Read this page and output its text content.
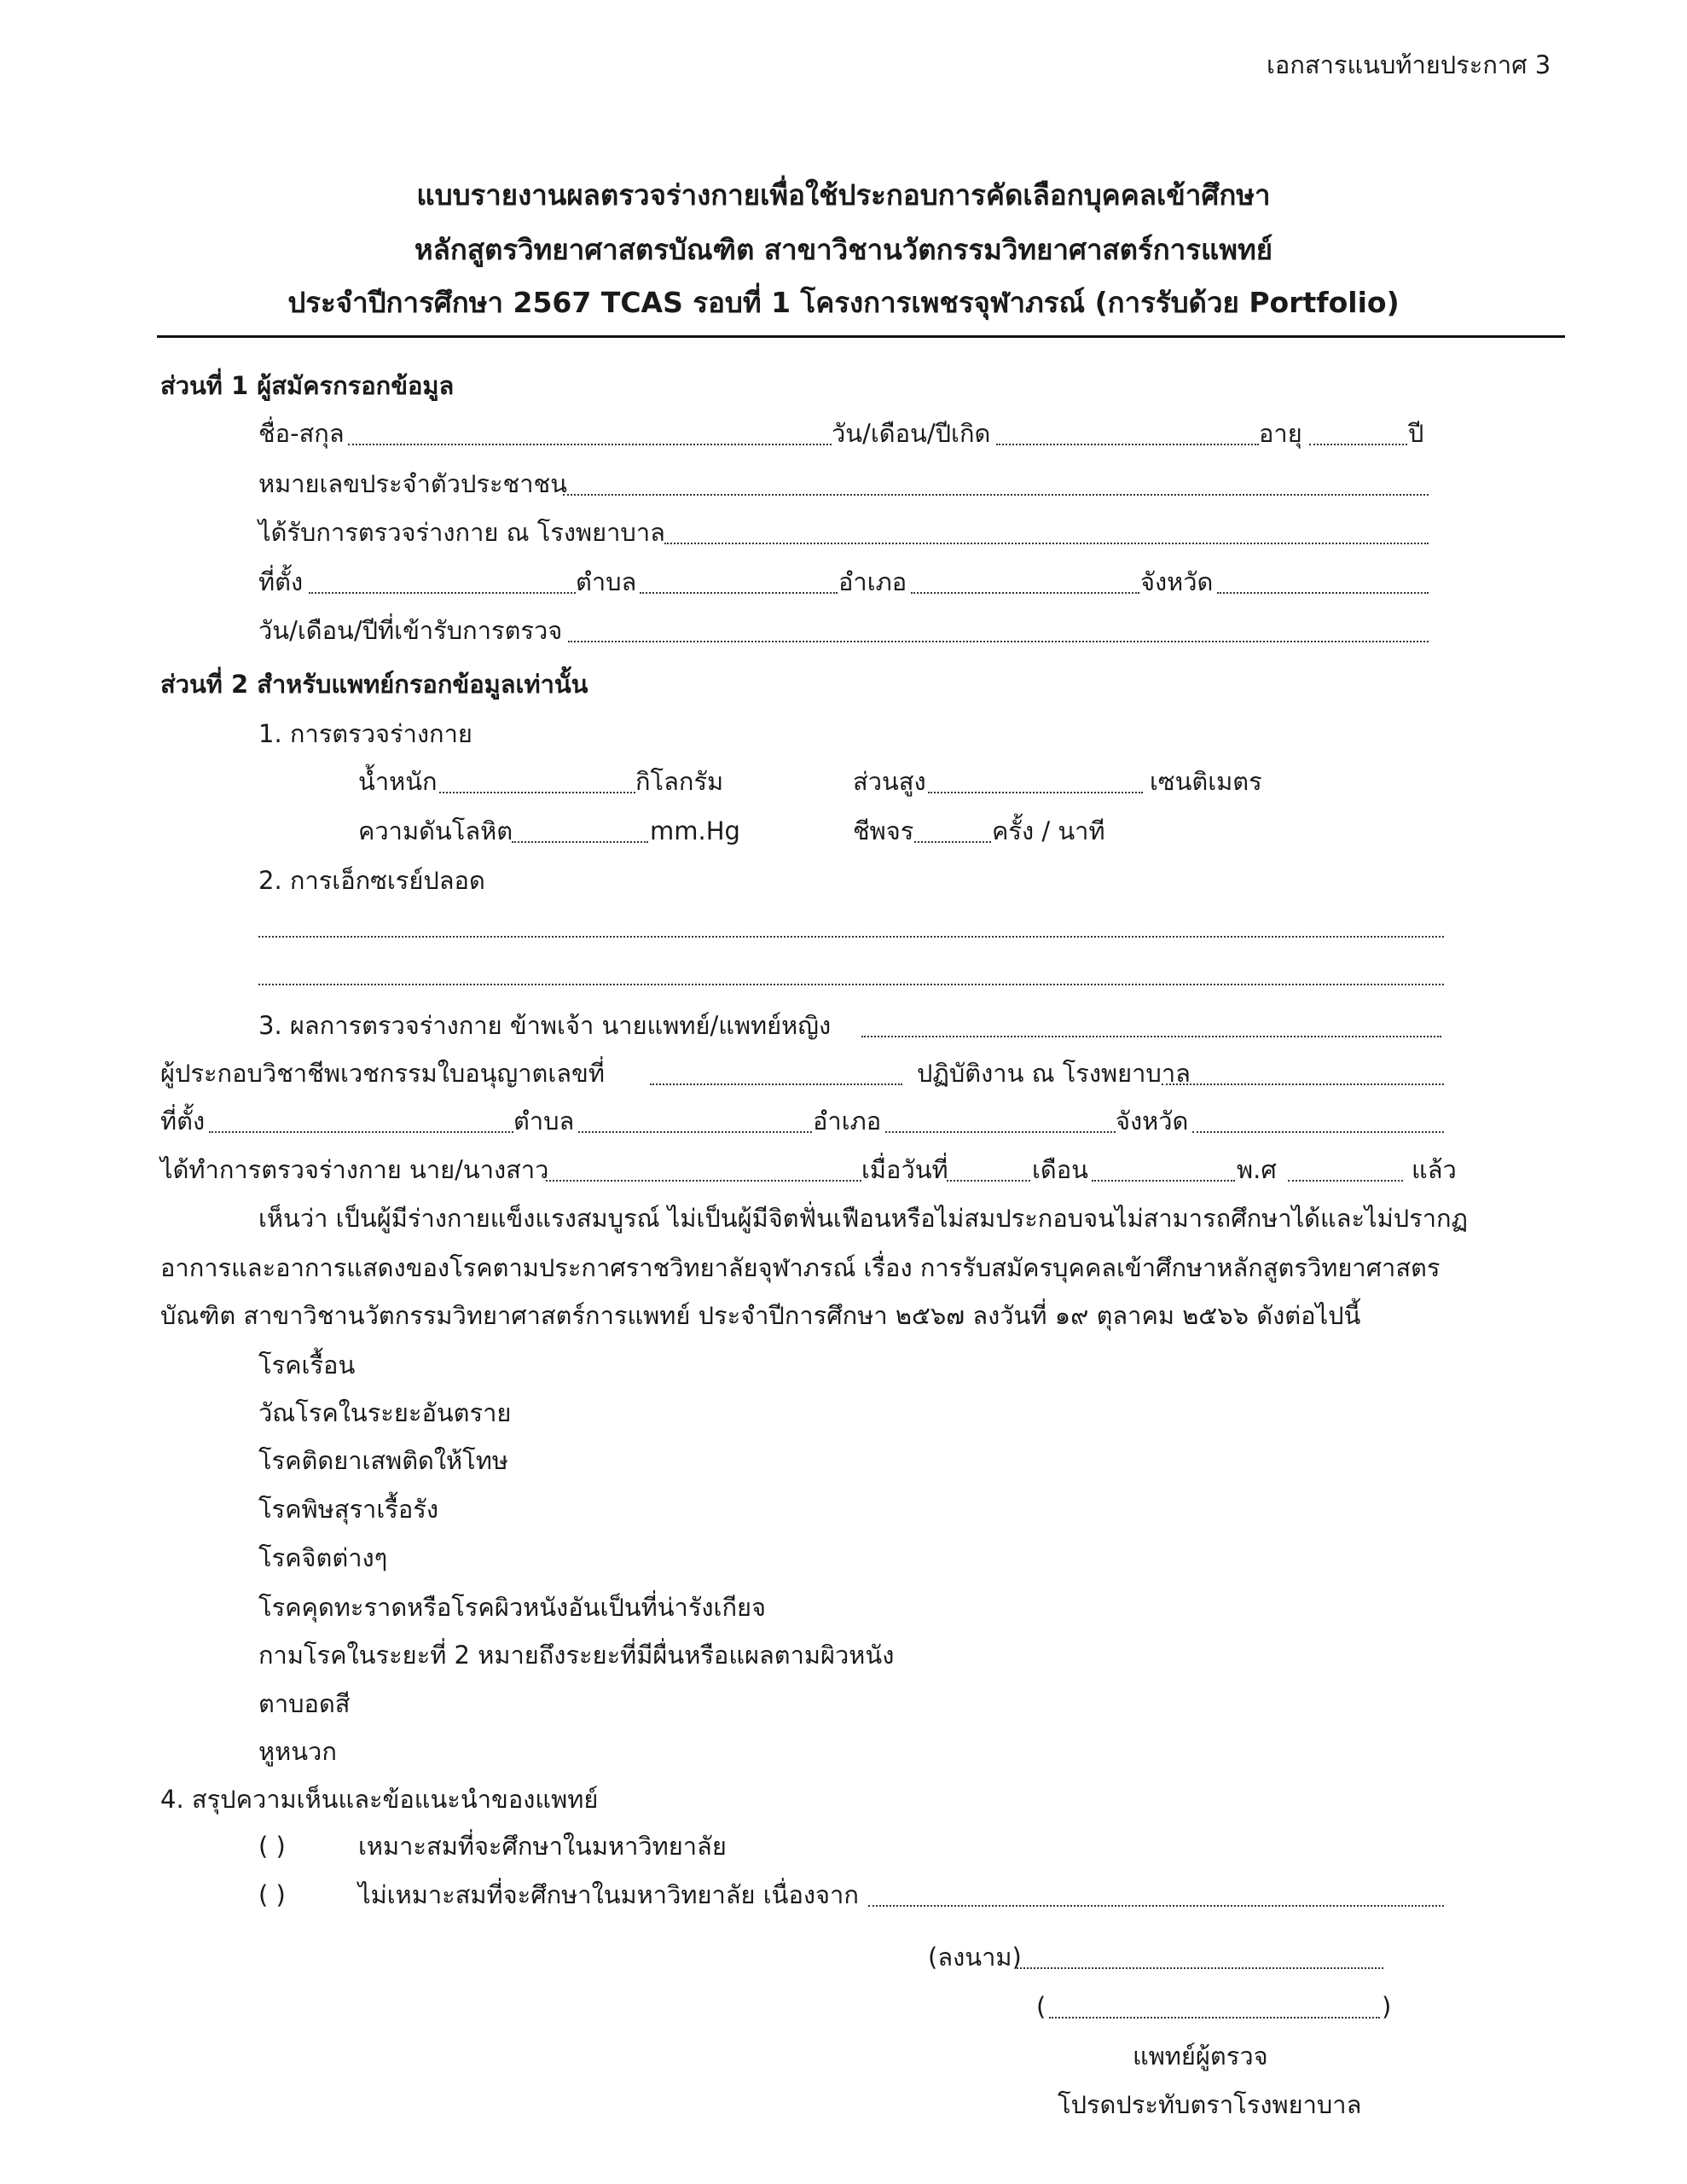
เอกสารแนบท้ายประกาศ 3
แบบรายงานผลตรวจร่างกายเพื่อใช้ประกอบการคัดเลือกบุคคลเข้าศึกษา
หลักสูตรวิทยาศาสตรบัณฑิต สาขาวิชานวัตกรรมวิทยาศาสตร์การแพทย์
ประจำปีการศึกษา 2567 TCAS รอบที่ 1 โครงการเพชรจุฬาภรณ์ (การรับด้วย Portfolio)
ส่วนที่ 1 ผู้สมัครกรอกข้อมูล
ชื่อ-สกุล	วัน/เดือน/ปีเกิด	อายุ	ปี
หมายเลขประจำตัวประชาชน
ได้รับการตรวจร่างกาย ณ โรงพยาบาล
ที่ตั้ง	ตำบล	อำเภอ	จังหวัด
วัน/เดือน/ปีที่เข้ารับการตรวจ
ส่วนที่ 2 สำหรับแพทย์กรอกข้อมูลเท่านั้น
1. การตรวจร่างกาย
น้ำหนัก	กิโลกรัม	ส่วนสูง	เซนติเมตร
ความดันโลหิต	mm.Hg	ชีพจร	ครั้ง / นาที
2. การเอ็กซเรย์ปลอด
3. ผลการตรวจร่างกาย ข้าพเจ้า นายแพทย์/แพทย์หญิง
ผู้ประกอบวิชาชีพเวชกรรมใบอนุญาตเลขที่	ปฏิบัติงาน ณ โรงพยาบาล
ที่ตั้ง	ตำบล	อำเภอ	จังหวัด
ได้ทำการตรวจร่างกาย นาย/นางสาว	เมื่อวันที่	เดือน	พ.ศ	แล้ว
เห็นว่า เป็นผู้มีร่างกายแข็งแรงสมบูรณ์ ไม่เป็นผู้มีจิตฟั่นเฟือนหรือไม่สมประกอบจนไม่สามารถศึกษาได้และไม่ปรากฏ
อาการและอาการแสดงของโรคตามประกาศราชวิทยาลัยจุฬาภรณ์ เรื่อง การรับสมัครบุคคลเข้าศึกษาหลักสูตรวิทยาศาสตร
บัณฑิต สาขาวิชานวัตกรรมวิทยาศาสตร์การแพทย์ ประจำปีการศึกษา ๒๕๖๗ ลงวันที่ ๑๙ ตุลาคม ๒๕๖๖ ดังต่อไปนี้
โรคเรื้อน
วัณโรคในระยะอันตราย
โรคติดยาเสพติดให้โทษ
โรคพิษสุราเรื้อรัง
โรคจิตต่างๆ
โรคคุดทะราดหรือโรคผิวหนังอันเป็นที่น่ารังเกียจ
กามโรคในระยะที่ 2 หมายถึงระยะที่มีผื่นหรือแผลตามผิวหนัง
ตาบอดสี
หูหนวก
4. สรุปความเห็นและข้อแนะนำของแพทย์
( )	เหมาะสมที่จะศึกษาในมหาวิทยาลัย
( )	ไม่เหมาะสมที่จะศึกษาในมหาวิทยาลัย เนื่องจาก
(ลงนาม)
(	)
แพทย์ผู้ตรวจ
โปรดประทับตราโรงพยาบาล
